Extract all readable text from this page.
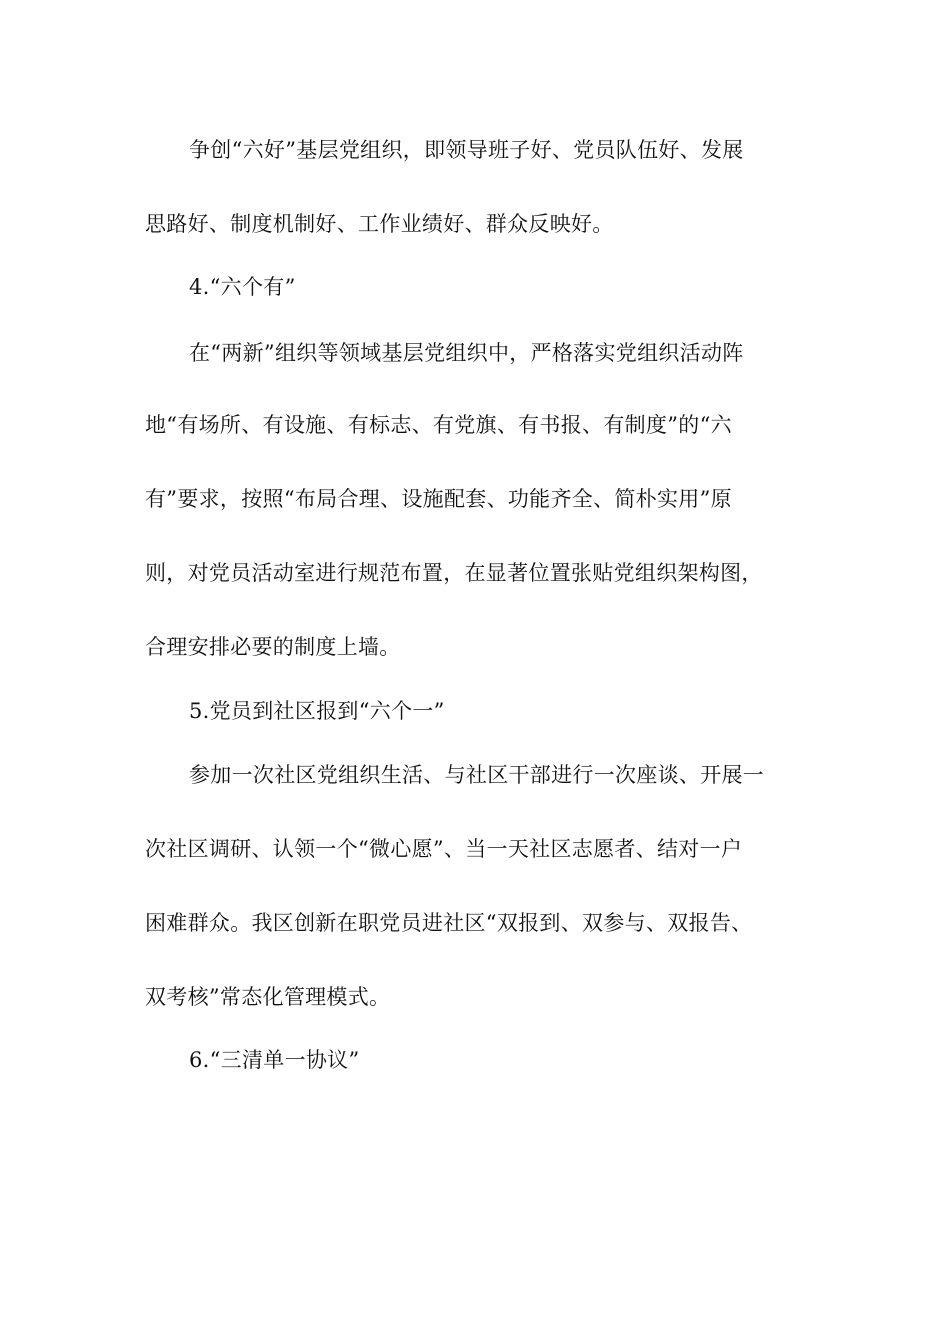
争创“六好”基层党组织，即领导班子好、党员队伍好、发展
思路好、制度机制好、工作业绩好、群众反映好。
4.“六个有”
在“两新”组织等领域基层党组织中，严格落实党组织活动阵
地“有场所、有设施、有标志、有党旗、有书报、有制度”的“六
有”要求，按照“布局合理、设施配套、功能齐全、简朴实用”原
则，对党员活动室进行规范布置，在显著位置张贴党组织架构图，
合理安排必要的制度上墙。
5.党员到社区报到“六个一”
参加一次社区党组织生活、与社区干部进行一次座谈、开展一
次社区调研、认领一个“微心愿”、当一天社区志愿者、结对一户
困难群众。我区创新在职党员进社区“双报到、双参与、双报告、
双考核”常态化管理模式。
6.“三清单一协议”
